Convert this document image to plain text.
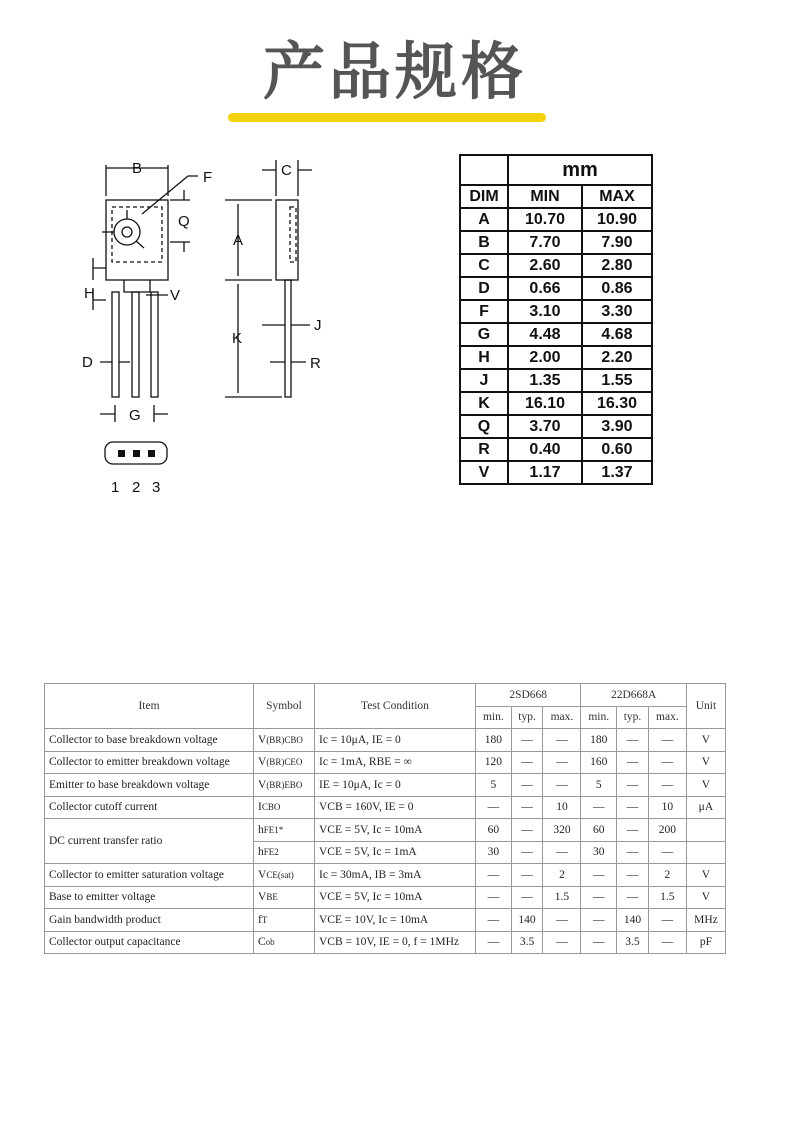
产品规格
B
F
Q
C
A
H	V
J
K
D	R
G
1 2 3
	mm	
DIM	MIN	MAX
A	10.70	10.90
B	7.70	7.90
C	2.60	2.80
D	0.66	0.86
F	3.10	3.30
G	4.48	4.68
H	2.00	2.20
J	1.35	1.55
K	16.10	16.30
Q	3.70	3.90
R	0.40	0.60
V	1.17	1.37
Item	Symbol	Test Condition	2SD668			22D668A			Unit
			min.	typ.	max.	min.	typ.	max.	
Collector to base breakdown voltage	V(BR)CBO	Ic = 10μA, IE = 0	180	—	—	180	—	—	V
Collector to emitter breakdown voltage	V(BR)CEO	Ic = 1mA, RBE = ∞	120	—	—	160	—	—	V
Emitter to base breakdown voltage	V(BR)EBO	IE = 10μA, Ic = 0	5	—	—	5	—	—	V
Collector cutoff current	ICBO	VCB = 160V, IE = 0	—	—	10	—	—	10	μA
DC current transfer ratio	hFE1*	VCE = 5V, Ic = 10mA	60	—	320	60	—	200	
	hFE2	VCE = 5V, Ic = 1mA	30	—	—	30	—	—	
Collector to emitter saturation voltage	VCE(sat)	Ic = 30mA, IB = 3mA	—	—	2	—	—	2	V
Base to emitter voltage	VBE	VCE = 5V, Ic = 10mA	—	—	1.5	—	—	1.5	V
Gain bandwidth product	fT	VCE = 10V, Ic = 10mA	—	140	—	—	140	—	MHz
Collector output capacitance	Cob	VCB = 10V, IE = 0, f = 1MHz	—	3.5	—	—	3.5	—	pF
